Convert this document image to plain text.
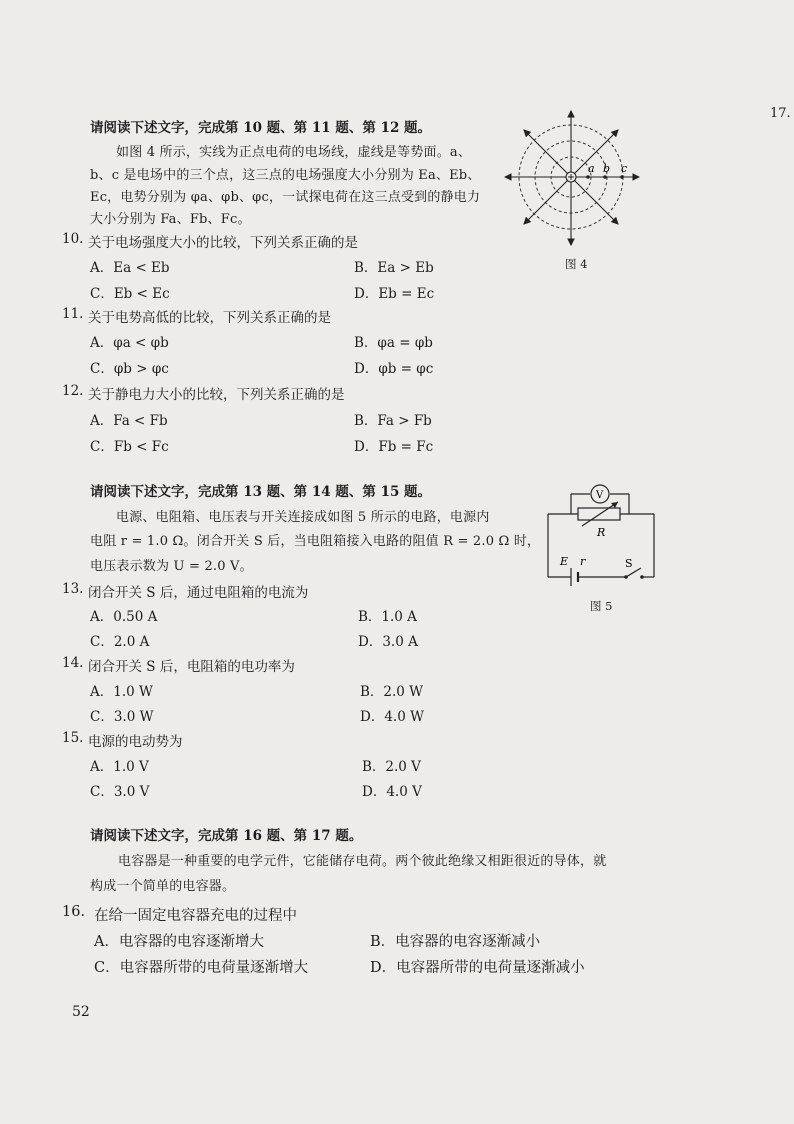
17.
请阅读下述文字，完成第 10 题、第 11 题、第 12 题。
如图 4 所示，实线为正点电荷的电场线，虚线是等势面。a、
b、c 是电场中的三个点，这三点的电场强度大小分别为 Ea、Eb、
Ec，电势分别为 φa、φb、φc，一试探电荷在这三点受到的静电力
大小分别为 Fa、Fb、Fc。
a b c
图 4
10. 关于电场强度大小的比较，下列关系正确的是
A．Ea < Eb	B．Ea > Eb
C．Eb < Ec	D．Eb = Ec
11. 关于电势高低的比较，下列关系正确的是
A．φa < φb	B．φa = φb
C．φb > φc	D．φb = φc
12. 关于静电力大小的比较，下列关系正确的是
A．Fa < Fb	B．Fa > Fb
C．Fb < Fc	D．Fb = Fc
请阅读下述文字，完成第 13 题、第 14 题、第 15 题。
电源、电阻箱、电压表与开关连接成如图 5 所示的电路，电源内
电阻 r = 1.0 Ω。闭合开关 S 后，当电阻箱接入电路的阻值 R = 2.0 Ω 时，
电压表示数为 U = 2.0 V。
V
R
E r	S
图 5
13. 闭合开关 S 后，通过电阻箱的电流为
A．0.50 A	B．1.0 A
C．2.0 A	D．3.0 A
14. 闭合开关 S 后，电阻箱的电功率为
A．1.0 W	B．2.0 W
C．3.0 W	D．4.0 W
15. 电源的电动势为
A．1.0 V	B．2.0 V
C．3.0 V	D．4.0 V
请阅读下述文字，完成第 16 题、第 17 题。
电容器是一种重要的电学元件，它能储存电荷。两个彼此绝缘又相距很近的导体，就
构成一个简单的电容器。
16. 在给一固定电容器充电的过程中
A．电容器的电容逐渐增大	B．电容器的电容逐渐减小
C．电容器所带的电荷量逐渐增大	D．电容器所带的电荷量逐渐减小
52
